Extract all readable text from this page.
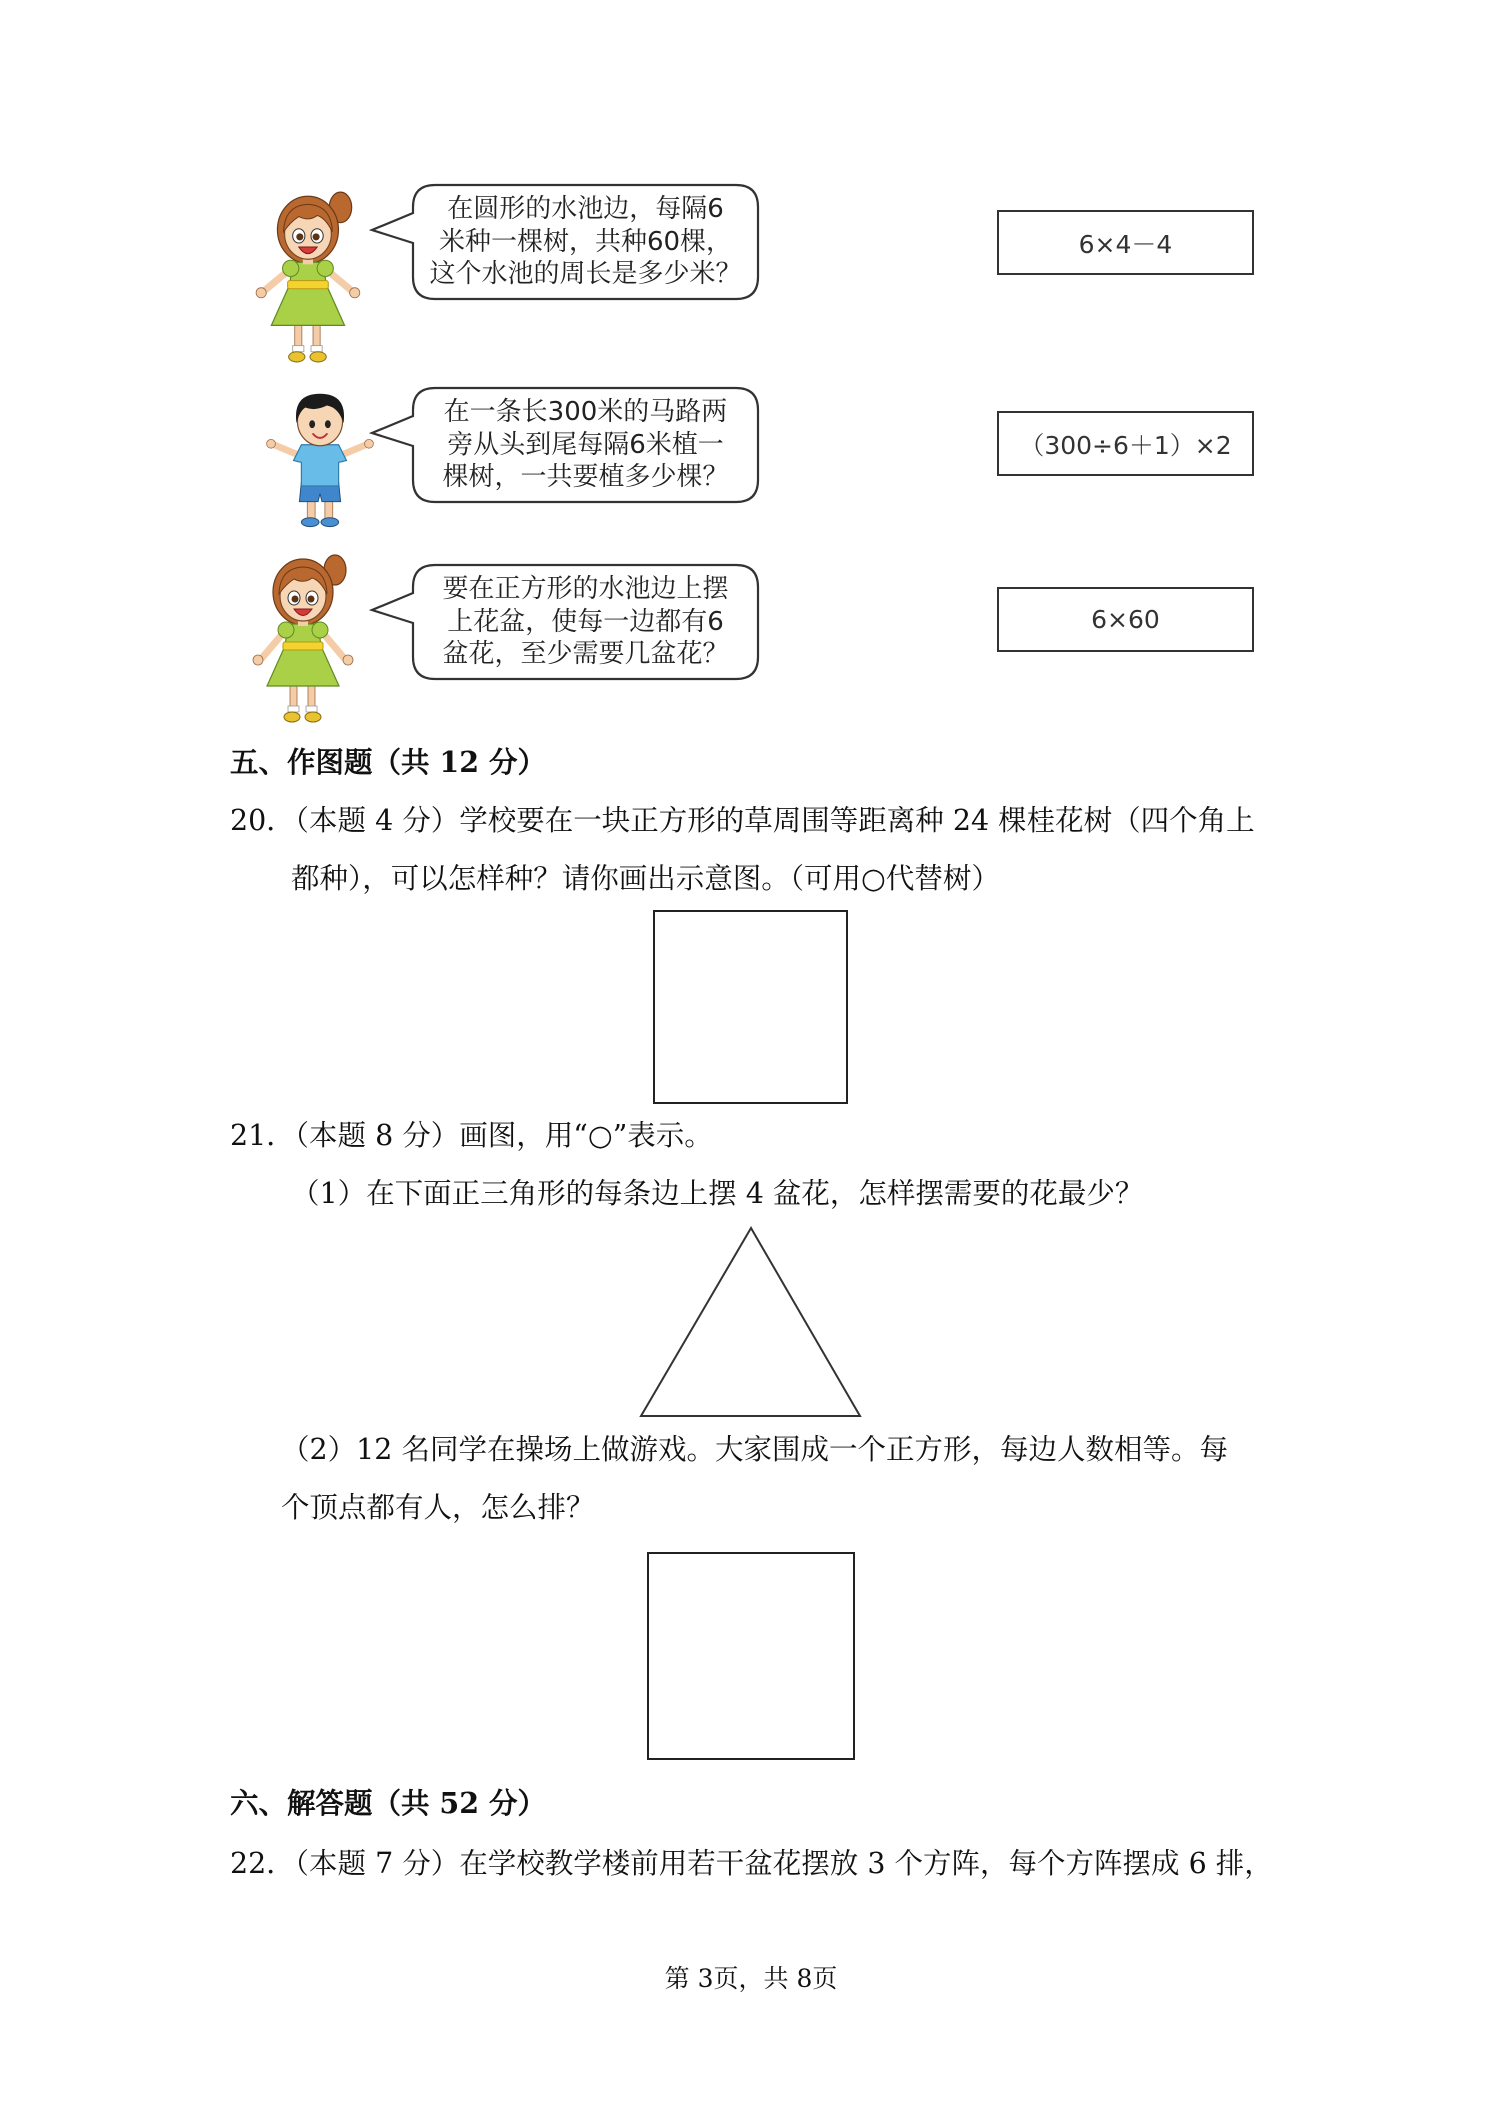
在圆形的水池边，每隔6
米种一棵树，共种60棵，
这个水池的周长是多少米？
6×4－4
在一条长300米的马路两
旁从头到尾每隔6米植一
棵树，一共要植多少棵？
（300÷6＋1）×2
要在正方形的水池边上摆
上花盆，使每一边都有6
盆花，至少需要几盆花？
6×60
五、作图题（共 12 分）
20．（本题 4 分）学校要在一块正方形的草周围等距离种 24 棵桂花树（四个角上
都种），可以怎样种？请你画出示意图。（可用○代替树）
21．（本题 8 分）画图，用“○”表示。
（1）在下面正三角形的每条边上摆 4 盆花，怎样摆需要的花最少？
（2）12 名同学在操场上做游戏。大家围成一个正方形，每边人数相等。每
个顶点都有人，怎么排？
六、解答题（共 52 分）
22．（本题 7 分）在学校教学楼前用若干盆花摆放 3 个方阵，每个方阵摆成 6 排，
第 3页，共 8页
